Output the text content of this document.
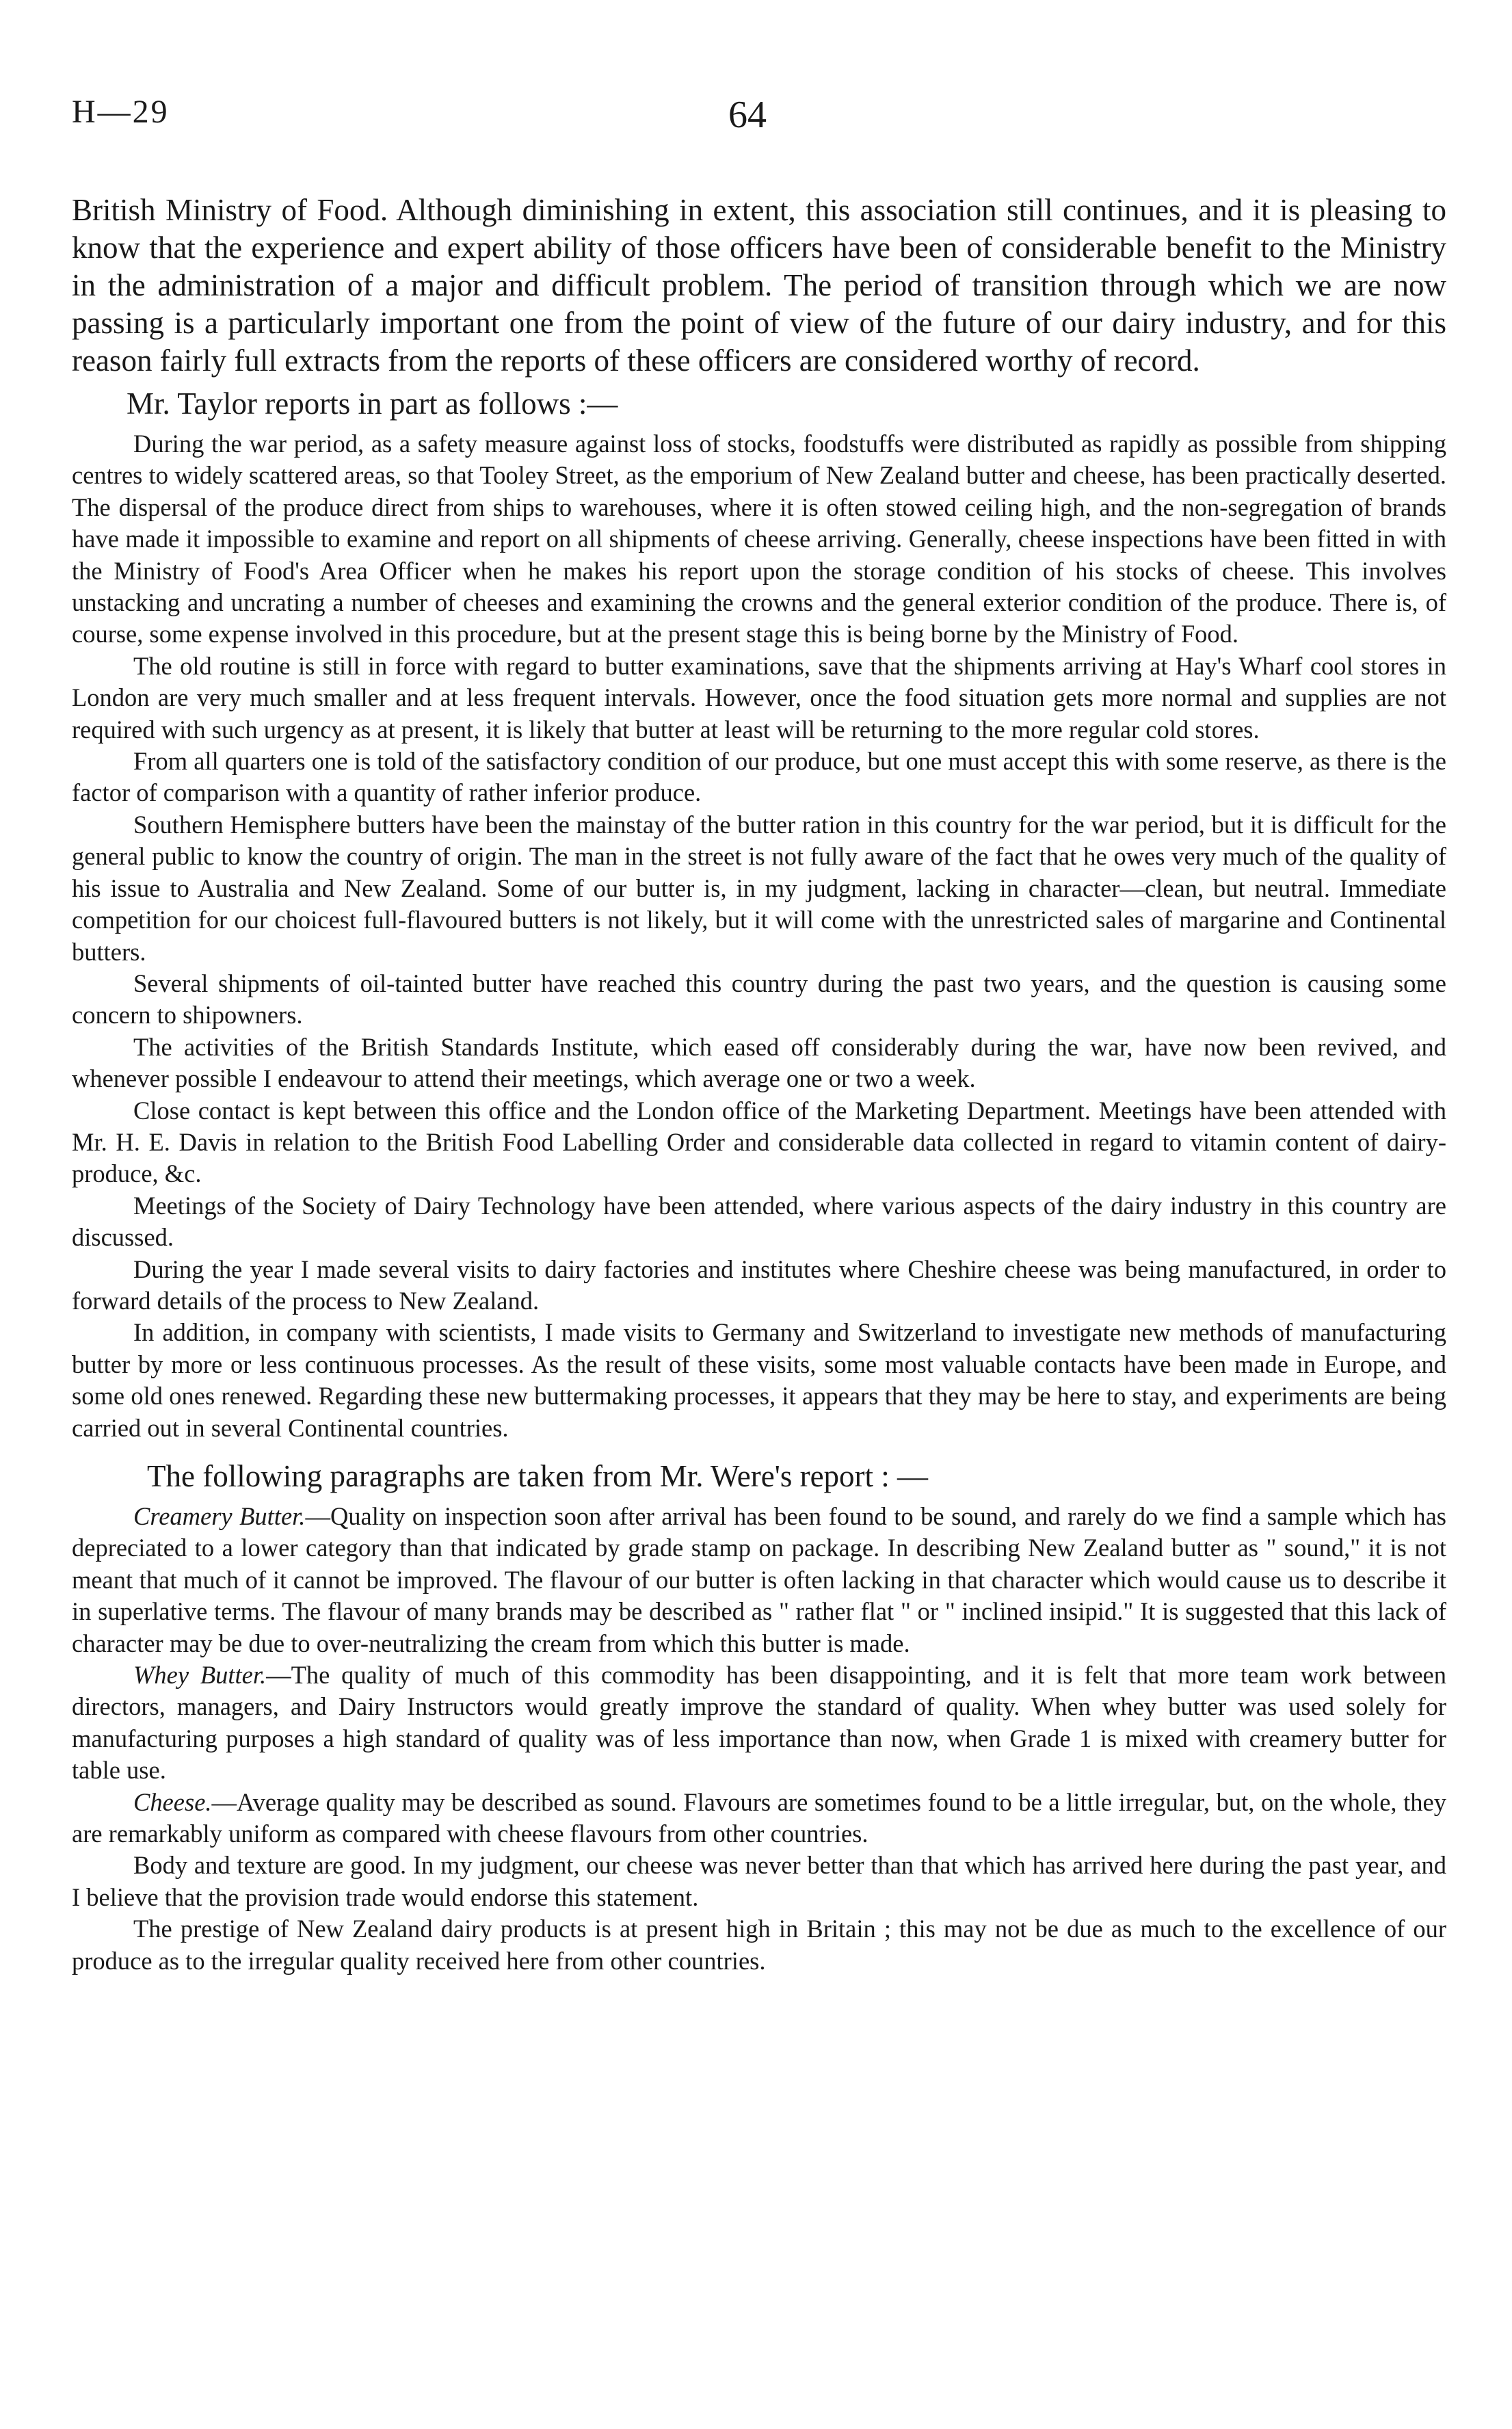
H—29	64

British Ministry of Food. Although diminishing in extent, this association still continues, and it is pleasing to know that the experience and expert ability of those officers have been of considerable benefit to the Ministry in the administration of a major and difficult problem. The period of transition through which we are now passing is a particularly important one from the point of view of the future of our dairy industry, and for this reason fairly full extracts from the reports of these officers are considered worthy of record.

Mr. Taylor reports in part as follows :—

During the war period, as a safety measure against loss of stocks, foodstuffs were distributed as rapidly as possible from shipping centres to widely scattered areas, so that Tooley Street, as the emporium of New Zealand butter and cheese, has been practically deserted. The dispersal of the produce direct from ships to warehouses, where it is often stowed ceiling high, and the non-segregation of brands have made it impossible to examine and report on all shipments of cheese arriving. Generally, cheese inspections have been fitted in with the Ministry of Food's Area Officer when he makes his report upon the storage condition of his stocks of cheese. This involves unstacking and uncrating a number of cheeses and examining the crowns and the general exterior condition of the produce. There is, of course, some expense involved in this procedure, but at the present stage this is being borne by the Ministry of Food.

The old routine is still in force with regard to butter examinations, save that the shipments arriving at Hay's Wharf cool stores in London are very much smaller and at less frequent intervals. However, once the food situation gets more normal and supplies are not required with such urgency as at present, it is likely that butter at least will be returning to the more regular cold stores.

From all quarters one is told of the satisfactory condition of our produce, but one must accept this with some reserve, as there is the factor of comparison with a quantity of rather inferior produce.

Southern Hemisphere butters have been the mainstay of the butter ration in this country for the war period, but it is difficult for the general public to know the country of origin. The man in the street is not fully aware of the fact that he owes very much of the quality of his issue to Australia and New Zealand. Some of our butter is, in my judgment, lacking in character—clean, but neutral. Immediate competition for our choicest full-flavoured butters is not likely, but it will come with the unrestricted sales of margarine and Continental butters.

Several shipments of oil-tainted butter have reached this country during the past two years, and the question is causing some concern to shipowners.

The activities of the British Standards Institute, which eased off considerably during the war, have now been revived, and whenever possible I endeavour to attend their meetings, which average one or two a week.

Close contact is kept between this office and the London office of the Marketing Department. Meetings have been attended with Mr. H. E. Davis in relation to the British Food Labelling Order and considerable data collected in regard to vitamin content of dairy-produce, &c.

Meetings of the Society of Dairy Technology have been attended, where various aspects of the dairy industry in this country are discussed.

During the year I made several visits to dairy factories and institutes where Cheshire cheese was being manufactured, in order to forward details of the process to New Zealand.

In addition, in company with scientists, I made visits to Germany and Switzerland to investigate new methods of manufacturing butter by more or less continuous processes. As the result of these visits, some most valuable contacts have been made in Europe, and some old ones renewed. Regarding these new buttermaking processes, it appears that they may be here to stay, and experiments are being carried out in several Continental countries.

The following paragraphs are taken from Mr. Were's report : —

Creamery Butter.—Quality on inspection soon after arrival has been found to be sound, and rarely do we find a sample which has depreciated to a lower category than that indicated by grade stamp on package. In describing New Zealand butter as " sound," it is not meant that much of it cannot be improved. The flavour of our butter is often lacking in that character which would cause us to describe it in superlative terms. The flavour of many brands may be described as " rather flat " or " inclined insipid." It is suggested that this lack of character may be due to over-neutralizing the cream from which this butter is made.

Whey Butter.—The quality of much of this commodity has been disappointing, and it is felt that more team work between directors, managers, and Dairy Instructors would greatly improve the standard of quality. When whey butter was used solely for manufacturing purposes a high standard of quality was of less importance than now, when Grade 1 is mixed with creamery butter for table use.

Cheese.—Average quality may be described as sound. Flavours are sometimes found to be a little irregular, but, on the whole, they are remarkably uniform as compared with cheese flavours from other countries.

Body and texture are good. In my judgment, our cheese was never better than that which has arrived here during the past year, and I believe that the provision trade would endorse this statement.

The prestige of New Zealand dairy products is at present high in Britain ; this may not be due as much to the excellence of our produce as to the irregular quality received here from other countries.
